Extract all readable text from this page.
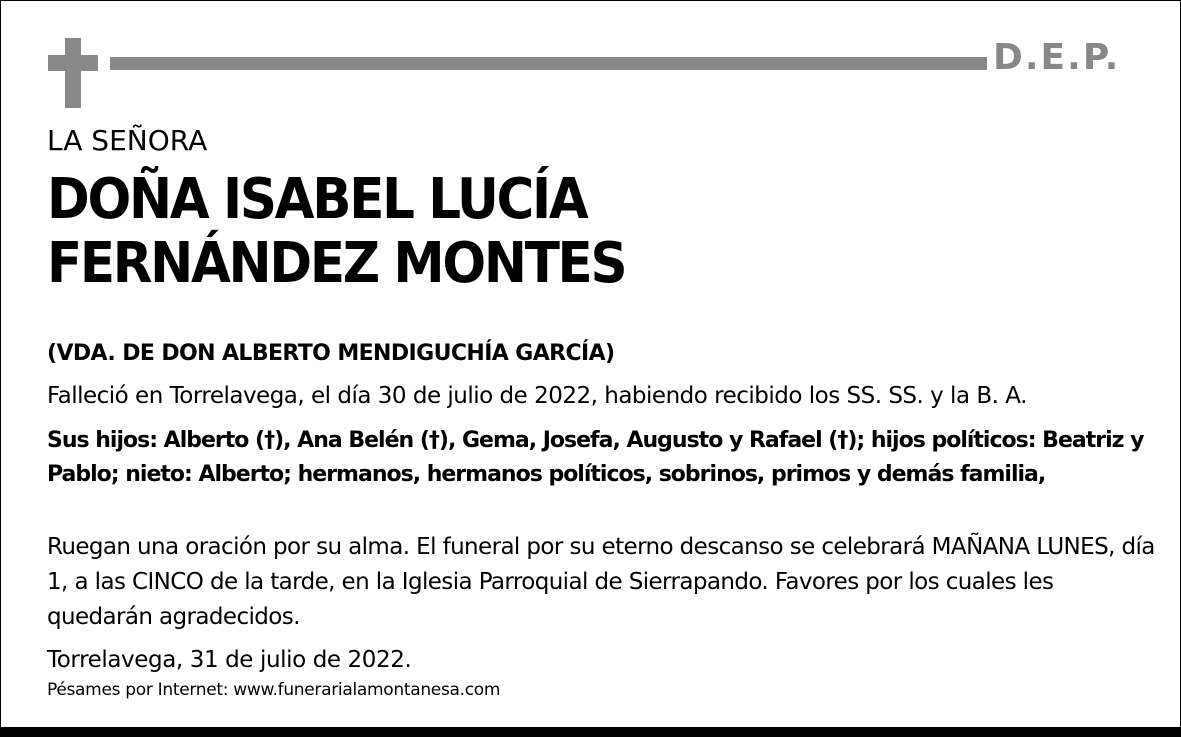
D.E.P.
LA SEÑORA
DOÑA ISABEL LUCÍA
FERNÁNDEZ MONTES
(VDA. DE DON ALBERTO MENDIGUCHÍA GARCÍA)
Falleció en Torrelavega, el día 30 de julio de 2022, habiendo recibido los SS. SS. y la B. A.
Sus hijos: Alberto (†), Ana Belén (†), Gema, Josefa, Augusto y Rafael (†); hijos políticos: Beatriz y Pablo; nieto: Alberto; hermanos, hermanos políticos, sobrinos, primos y demás familia,
Ruegan una oración por su alma. El funeral por su eterno descanso se celebrará MAÑANA LUNES, día 1, a las CINCO de la tarde, en la Iglesia Parroquial de Sierrapando. Favores por los cuales les quedarán agradecidos.
Torrelavega, 31 de julio de 2022.
Pésames por Internet: www.funerarialamontanesa.com
